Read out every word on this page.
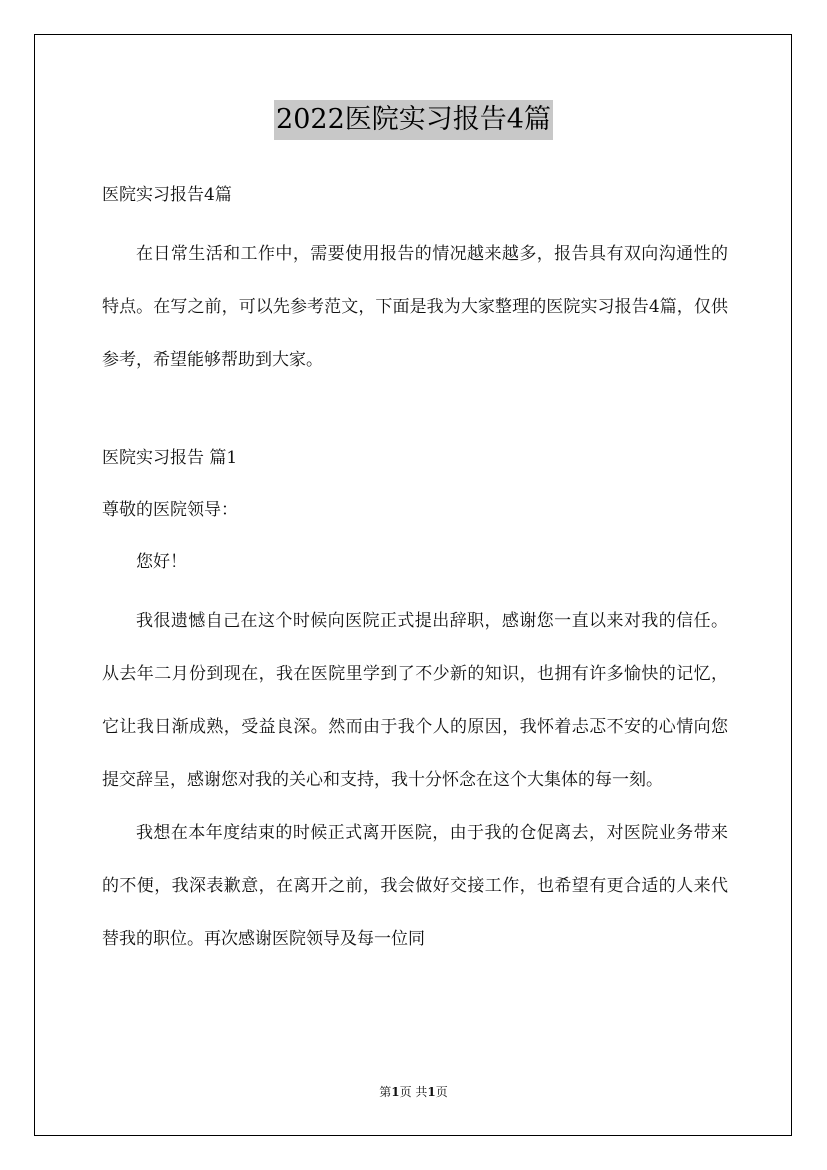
2022医院实习报告4篇
医院实习报告4篇

在日常生活和工作中，需要使用报告的情况越来越多，报告具有双向沟通性的特点。在写之前，可以先参考范文，下面是我为大家整理的医院实习报告4篇，仅供参考，希望能够帮助到大家。

医院实习报告 篇1
尊敬的医院领导：
您好！

我很遗憾自己在这个时候向医院正式提出辞职，感谢您一直以来对我的信任。从去年二月份到现在，我在医院里学到了不少新的知识，也拥有许多愉快的记忆，它让我日渐成熟，受益良深。然而由于我个人的原因，我怀着忐忑不安的心情向您提交辞呈，感谢您对我的关心和支持，我十分怀念在这个大集体的每一刻。

我想在本年度结束的时候正式离开医院，由于我的仓促离去，对医院业务带来的不便，我深表歉意，在离开之前，我会做好交接工作，也希望有更合适的人来代替我的职位。再次感谢医院领导及每一位同

第1页 共1页
